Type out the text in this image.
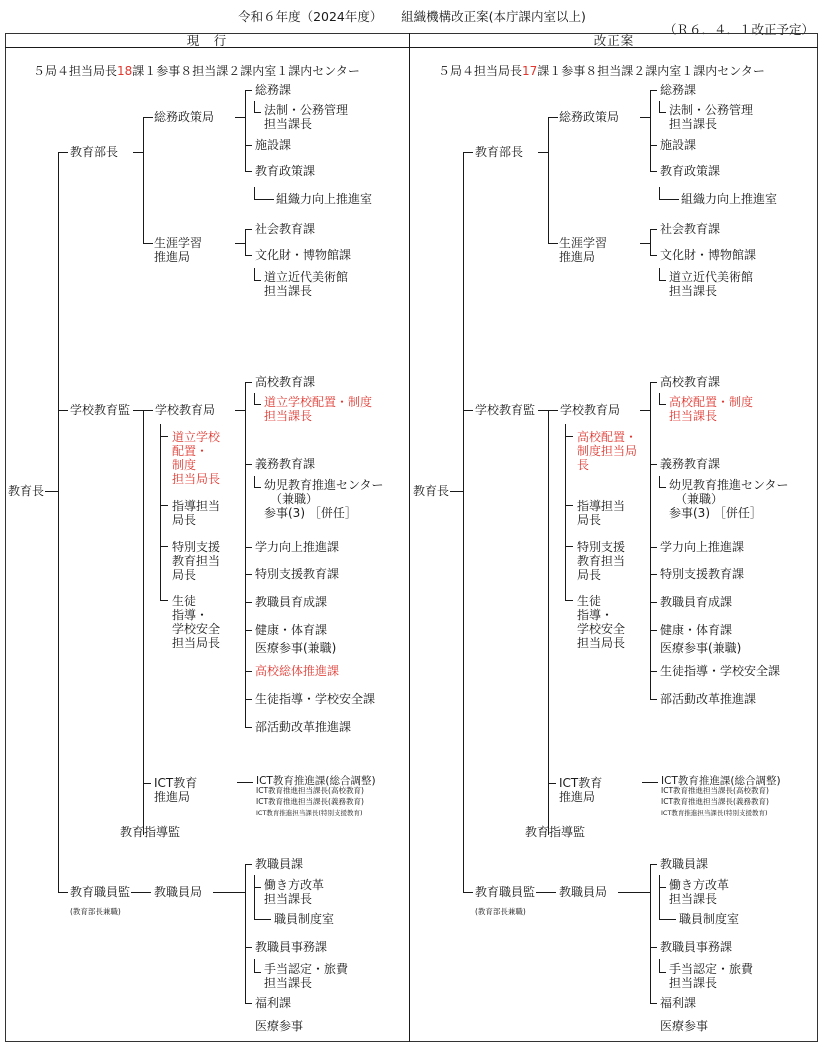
令和６年度（2024年度）　　組織機構改正案(本庁課内室以上)
（Ｒ６．４．１改正予定）
現　行	改正案
５局４担当局長18課１参事８担当課２課内室１課内センター
教育長
教育部長
総務政策局
生涯学習
推進局
総務課
法制・公務管理
担当課長
施設課
教育政策課
組織力向上推進室
社会教育課
文化財・博物館課
道立近代美術館
担当課長
学校教育監 学校教育局
道立学校
配置・
制度
担当局長
指導担当
局長
特別支援
教育担当
局長
生徒
指導・
学校安全
担当局長
高校教育課
道立学校配置・制度
担当課長
義務教育課
幼児教育推進センター
（兼職）
参事(3) ［併任］
学力向上推進課
特別支援教育課
教職員育成課
健康・体育課
医療参事(兼職)
高校総体推進課
生徒指導・学校安全課
部活動改革推進課
ICT教育
推進局
ICT教育推進課(総合調整)
ICT教育推進担当課長(高校教育)
ICT教育推進担当課長(義務教育)
ICT教育推進担当課長(特別支援教育)
教育指導監
教育職員監
(教育部長兼職)
教職員局
教職員課
働き方改革
担当課長
職員制度室
教職員事務課
手当認定・旅費
担当課長
福利課
医療参事
５局４担当局長17課１参事８担当課２課内室１課内センター
教育長
教育部長
総務政策局
生涯学習
推進局
総務課
法制・公務管理
担当課長
施設課
教育政策課
組織力向上推進室
社会教育課
文化財・博物館課
道立近代美術館
担当課長
学校教育監 学校教育局
高校配置・
制度担当局
長
指導担当
局長
特別支援
教育担当
局長
生徒
指導・
学校安全
担当局長
高校教育課
高校配置・制度
担当課長
義務教育課
幼児教育推進センター
（兼職）
参事(3) ［併任］
学力向上推進課
特別支援教育課
教職員育成課
健康・体育課
医療参事(兼職)
生徒指導・学校安全課
部活動改革推進課
ICT教育
推進局
ICT教育推進課(総合調整)
ICT教育推進担当課長(高校教育)
ICT教育推進担当課長(義務教育)
ICT教育推進担当課長(特別支援教育)
教育指導監
教育職員監
(教育部長兼職)
教職員局
教職員課
働き方改革
担当課長
職員制度室
教職員事務課
手当認定・旅費
担当課長
福利課
医療参事
